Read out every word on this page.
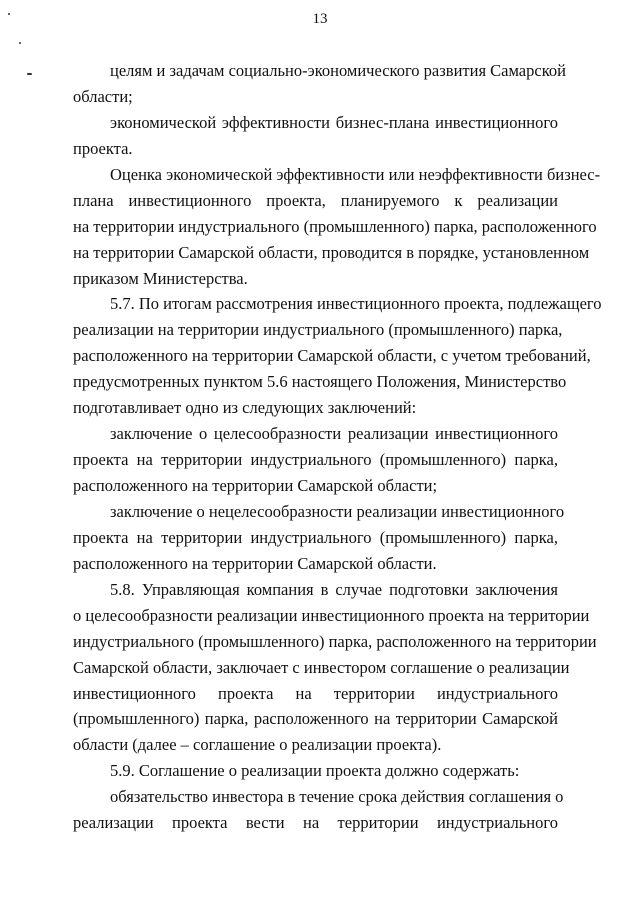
13
целям и задачам социально-экономического развития Самарской
области;
экономической эффективности бизнес-плана инвестиционного
проекта.
Оценка экономической эффективности или неэффективности бизнес-
плана инвестиционного проекта, планируемого к реализации
на территории индустриального (промышленного) парка, расположенного
на территории Самарской области, проводится в порядке, установленном
приказом Министерства.
5.7. По итогам рассмотрения инвестиционного проекта, подлежащего
реализации на территории индустриального (промышленного) парка,
расположенного на территории Самарской области, с учетом требований,
предусмотренных пунктом 5.6 настоящего Положения, Министерство
подготавливает одно из следующих заключений:
заключение о целесообразности реализации инвестиционного
проекта на территории индустриального (промышленного) парка,
расположенного на территории Самарской области;
заключение о нецелесообразности реализации инвестиционного
проекта на территории индустриального (промышленного) парка,
расположенного на территории Самарской области.
5.8. Управляющая компания в случае подготовки заключения
о целесообразности реализации инвестиционного проекта на территории
индустриального (промышленного) парка, расположенного на территории
Самарской области, заключает с инвестором соглашение о реализации
инвестиционного проекта на территории индустриального
(промышленного) парка, расположенного на территории Самарской
области (далее – соглашение о реализации проекта).
5.9. Соглашение о реализации проекта должно содержать:
обязательство инвестора в течение срока действия соглашения о
реализации проекта вести на территории индустриального
